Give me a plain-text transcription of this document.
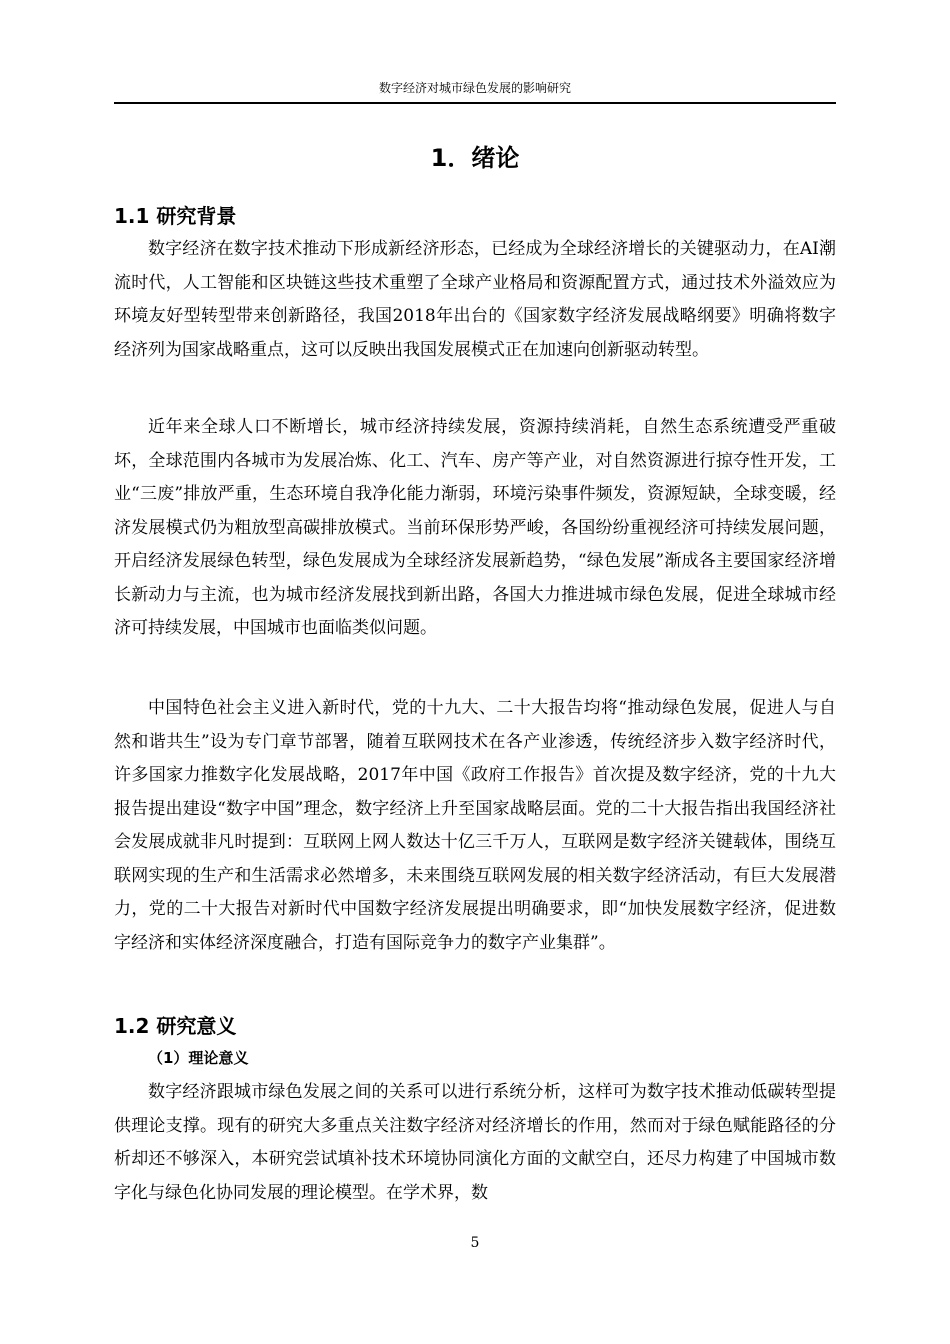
数字经济对城市绿色发展的影响研究
1．绪论
1.1 研究背景

数字经济在数字技术推动下形成新经济形态，已经成为全球经济增长的关键驱动力，在AI潮流时代，人工智能和区块链这些技术重塑了全球产业格局和资源配置方式，通过技术外溢效应为环境友好型转型带来创新路径，我国2018年出台的《国家数字经济发展战略纲要》明确将数字经济列为国家战略重点，这可以反映出我国发展模式正在加速向创新驱动转型。

近年来全球人口不断增长，城市经济持续发展，资源持续消耗，自然生态系统遭受严重破坏，全球范围内各城市为发展冶炼、化工、汽车、房产等产业，对自然资源进行掠夺性开发，工业“三废”排放严重，生态环境自我净化能力渐弱，环境污染事件频发，资源短缺，全球变暖，经济发展模式仍为粗放型高碳排放模式。当前环保形势严峻，各国纷纷重视经济可持续发展问题，开启经济发展绿色转型，绿色发展成为全球经济发展新趋势，“绿色发展”渐成各主要国家经济增长新动力与主流，也为城市经济发展找到新出路，各国大力推进城市绿色发展，促进全球城市经济可持续发展，中国城市也面临类似问题。

中国特色社会主义进入新时代，党的十九大、二十大报告均将“推动绿色发展，促进人与自然和谐共生”设为专门章节部署，随着互联网技术在各产业渗透，传统经济步入数字经济时代，许多国家力推数字化发展战略，2017年中国《政府工作报告》首次提及数字经济，党的十九大报告提出建设“数字中国”理念，数字经济上升至国家战略层面。党的二十大报告指出我国经济社会发展成就非凡时提到：互联网上网人数达十亿三千万人，互联网是数字经济关键载体，围绕互联网实现的生产和生活需求必然增多，未来围绕互联网发展的相关数字经济活动，有巨大发展潜力，党的二十大报告对新时代中国数字经济发展提出明确要求，即“加快发展数字经济，促进数字经济和实体经济深度融合，打造有国际竞争力的数字产业集群”。

1.2 研究意义
（1）理论意义

数字经济跟城市绿色发展之间的关系可以进行系统分析，这样可为数字技术推动低碳转型提供理论支撑。现有的研究大多重点关注数字经济对经济增长的作用，然而对于绿色赋能路径的分析却还不够深入，本研究尝试填补技术环境协同演化方面的文献空白，还尽力构建了中国城市数字化与绿色化协同发展的理论模型。在学术界，数

5
